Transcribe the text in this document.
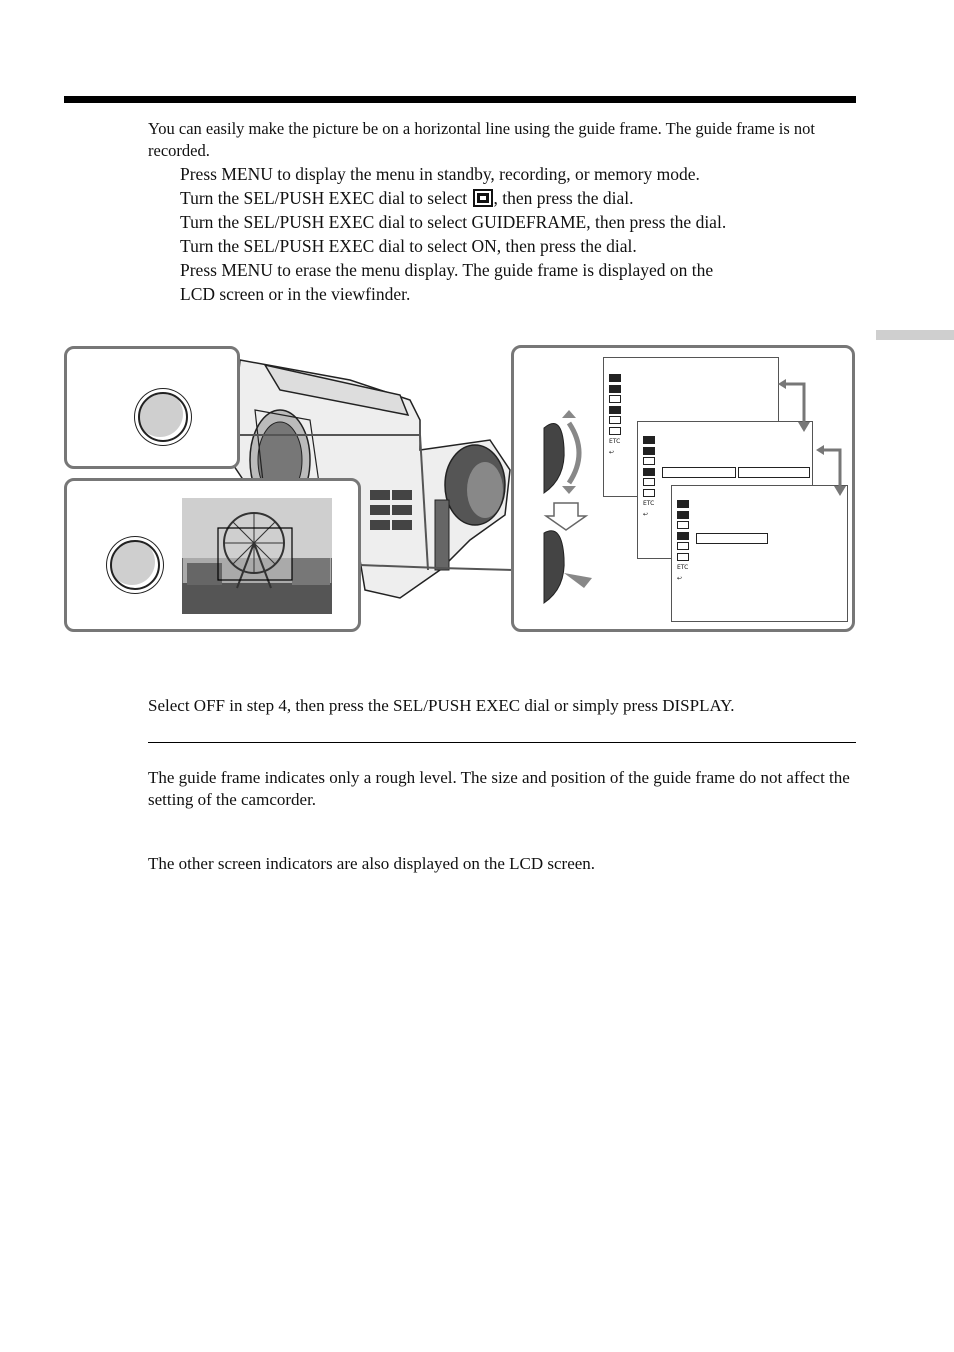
You can easily make the picture be on a horizontal line using the guide frame. The guide frame is not recorded.
Press MENU to display the menu in standby, recording, or memory mode.
Turn the SEL/PUSH EXEC dial to select , then press the dial.
Turn the SEL/PUSH EXEC dial to select GUIDEFRAME, then press the dial.
Turn the SEL/PUSH EXEC dial to select ON, then press the dial.
Press MENU to erase the menu display. The guide frame is displayed on the
LCD screen or in the viewfinder.
ETC
↩
ETC
↩
ETC
↩
Select OFF in step 4, then press the SEL/PUSH EXEC dial or simply press DISPLAY.
The guide frame indicates only a rough level. The size and position of the guide frame do not affect the setting of the camcorder.
The other screen indicators are also displayed on the LCD screen.
